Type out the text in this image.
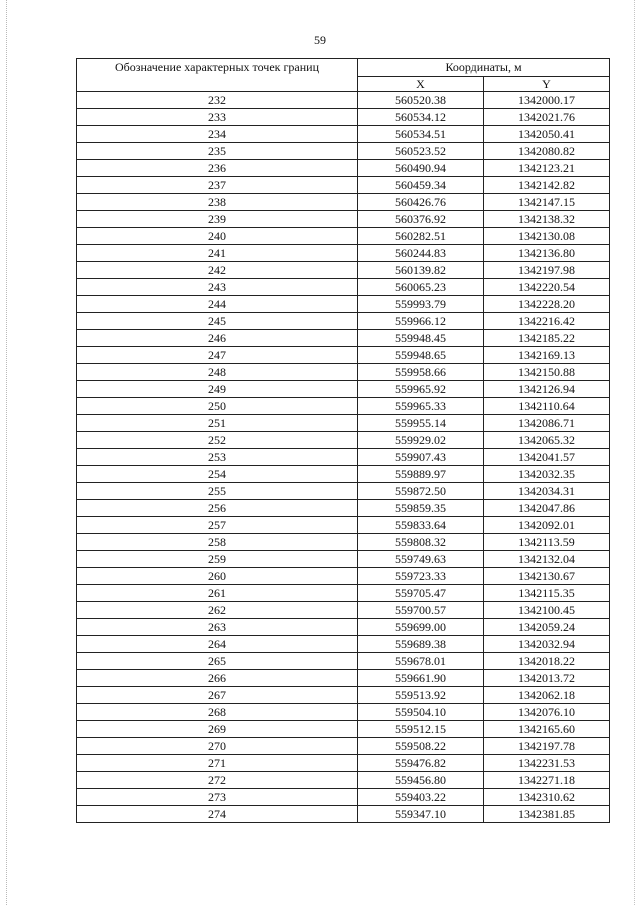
59
Обозначение характерных точек границ	Координаты, м	
	X	Y
232	560520.38	1342000.17
233	560534.12	1342021.76
234	560534.51	1342050.41
235	560523.52	1342080.82
236	560490.94	1342123.21
237	560459.34	1342142.82
238	560426.76	1342147.15
239	560376.92	1342138.32
240	560282.51	1342130.08
241	560244.83	1342136.80
242	560139.82	1342197.98
243	560065.23	1342220.54
244	559993.79	1342228.20
245	559966.12	1342216.42
246	559948.45	1342185.22
247	559948.65	1342169.13
248	559958.66	1342150.88
249	559965.92	1342126.94
250	559965.33	1342110.64
251	559955.14	1342086.71
252	559929.02	1342065.32
253	559907.43	1342041.57
254	559889.97	1342032.35
255	559872.50	1342034.31
256	559859.35	1342047.86
257	559833.64	1342092.01
258	559808.32	1342113.59
259	559749.63	1342132.04
260	559723.33	1342130.67
261	559705.47	1342115.35
262	559700.57	1342100.45
263	559699.00	1342059.24
264	559689.38	1342032.94
265	559678.01	1342018.22
266	559661.90	1342013.72
267	559513.92	1342062.18
268	559504.10	1342076.10
269	559512.15	1342165.60
270	559508.22	1342197.78
271	559476.82	1342231.53
272	559456.80	1342271.18
273	559403.22	1342310.62
274	559347.10	1342381.85
